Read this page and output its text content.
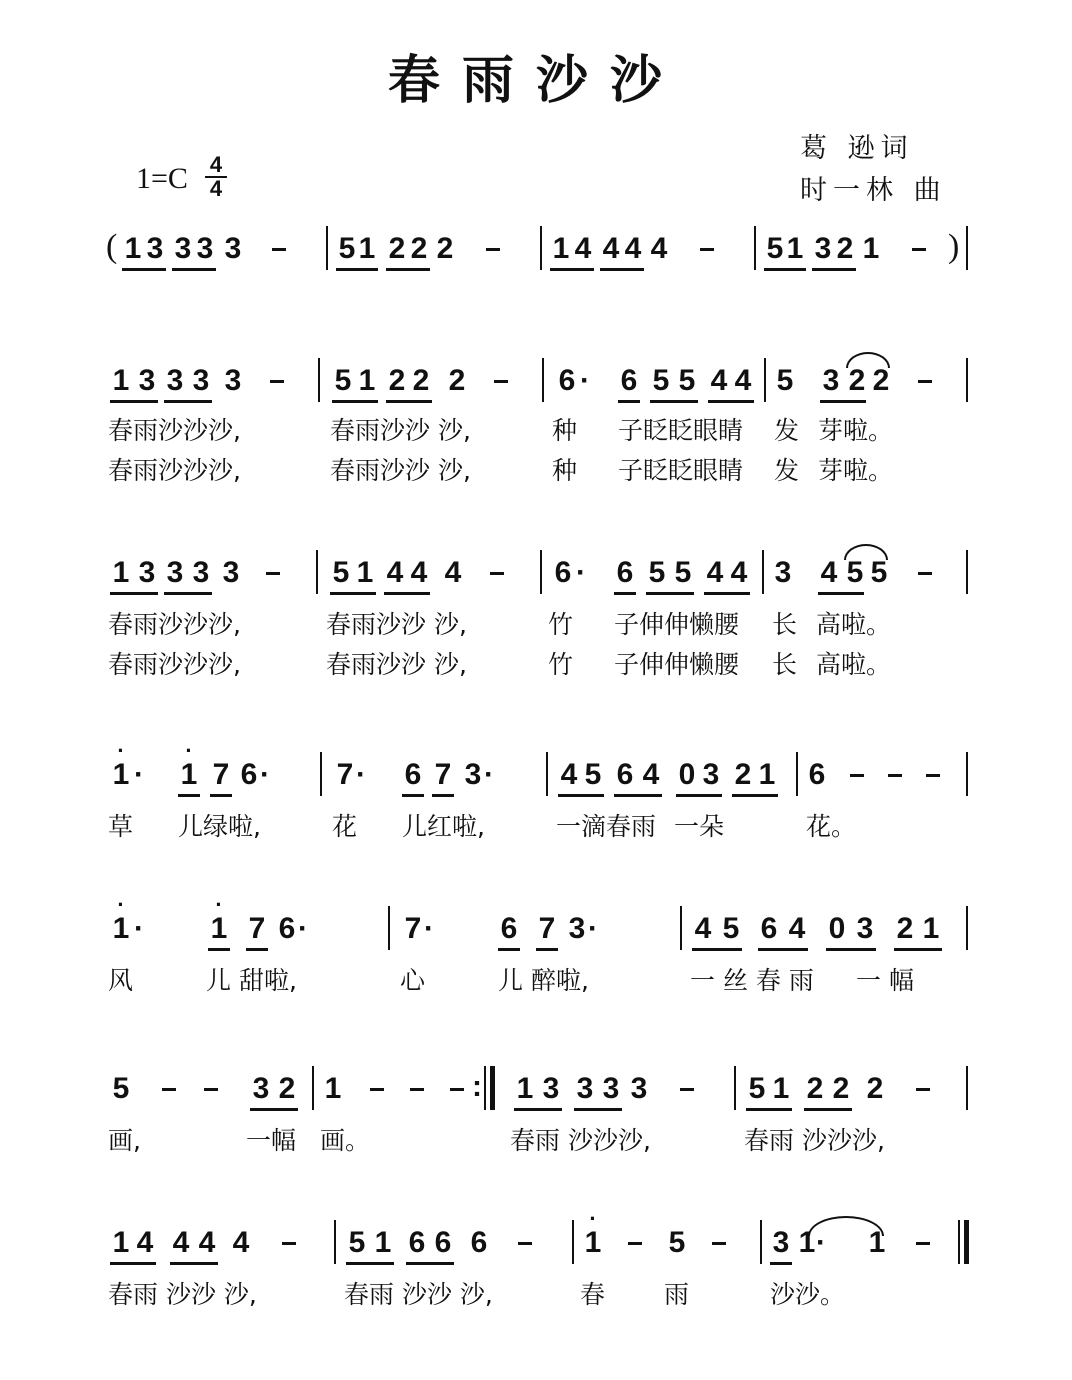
春雨沙沙
葛 逊词
时一林 曲
1=C 4
4
( 1 3 3 3 3	5 1 2 2 2	1 4 4 4 4	5 1 3 2 1 )
1 3 3 3 3	5 1 2 2 2	6 · 6 5 5 4 4 5 3 2 2
春雨沙沙沙,	春雨沙沙 沙,	种 子眨眨眼睛 发 芽啦。
春雨沙沙沙,	春雨沙沙 沙,	种 子眨眨眼睛 发 芽啦。
1 3 3 3 3	5 1 4 4 4	6 · 6 5 5 4 4 3 4 5 5
春雨沙沙沙,	春雨沙沙 沙,	竹 子伸伸懒腰 长 高啦。
春雨沙沙沙,	春雨沙沙 沙,	竹 子伸伸懒腰 长 高啦。
·
1 ·
·
1 7 6 · 7 · 6 7 3 · 4 5 6 4 0 3 2 1 6
草 儿绿啦,	花 儿红啦,	一滴春雨 一朵	花。
·
1 ·
·
1 7 6 ·	7 · 6 7 3 ·	4 5 6 4 0 3 2 1
风	儿 甜啦,	心	儿 醉啦,	一 丝 春 雨 一 幅
5	3 2 1	: 1 3 3 3 3	5 1 2 2 2
画,	一幅 画。	春雨 沙沙沙,	春雨 沙沙沙,
1 4 4 4 4	5 1 6 6 6
·
1 5	3 1 · 1
春雨 沙沙 沙,	春雨 沙沙 沙,	春 雨	沙沙。
